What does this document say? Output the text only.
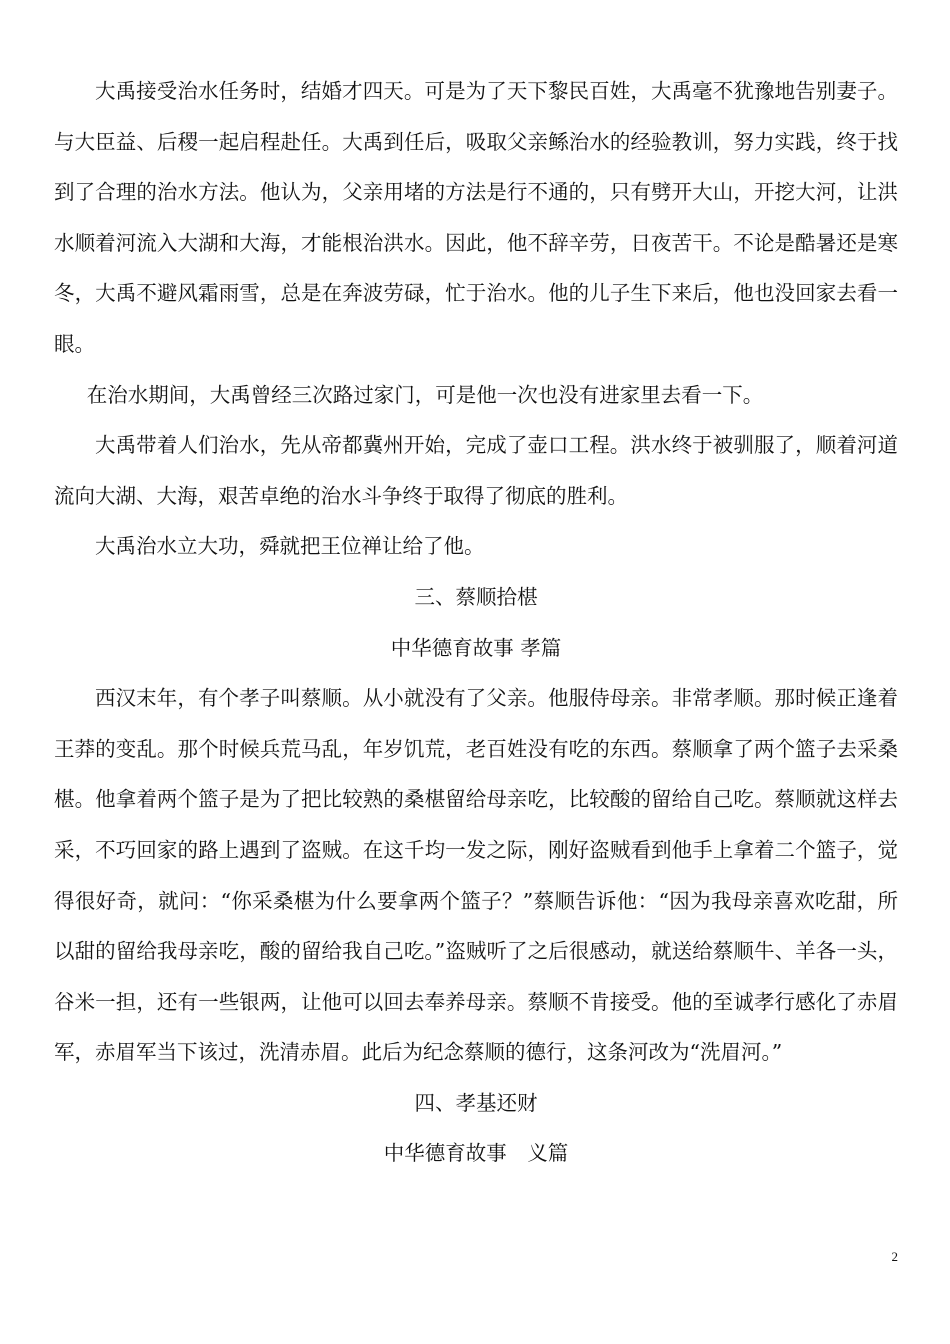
大禹接受治水任务时，结婚才四天。可是为了天下黎民百姓，大禹毫不犹豫地告别妻子。与大臣益、后稷一起启程赴任。大禹到任后，吸取父亲鲧治水的经验教训，努力实践，终于找到了合理的治水方法。他认为，父亲用堵的方法是行不通的，只有劈开大山，开挖大河，让洪水顺着河流入大湖和大海，才能根治洪水。因此，他不辞辛劳，日夜苦干。不论是酷暑还是寒冬，大禹不避风霜雨雪，总是在奔波劳碌，忙于治水。他的儿子生下来后，他也没回家去看一眼。

在治水期间，大禹曾经三次路过家门，可是他一次也没有进家里去看一下。

大禹带着人们治水，先从帝都冀州开始，完成了壶口工程。洪水终于被驯服了，顺着河道流向大湖、大海，艰苦卓绝的治水斗争终于取得了彻底的胜利。

大禹治水立大功，舜就把王位禅让给了他。

三、蔡顺拾椹

中华德育故事 孝篇

西汉末年，有个孝子叫蔡顺。从小就没有了父亲。他服侍母亲。非常孝顺。那时候正逢着王莽的变乱。那个时候兵荒马乱，年岁饥荒，老百姓没有吃的东西。蔡顺拿了两个篮子去采桑椹。他拿着两个篮子是为了把比较熟的桑椹留给母亲吃，比较酸的留给自己吃。蔡顺就这样去采，不巧回家的路上遇到了盗贼。在这千均一发之际，刚好盗贼看到他手上拿着二个篮子，觉得很好奇，就问：“你采桑椹为什么要拿两个篮子？”蔡顺告诉他：“因为我母亲喜欢吃甜，所以甜的留给我母亲吃，酸的留给我自己吃。”盗贼听了之后很感动，就送给蔡顺牛、羊各一头，谷米一担，还有一些银两，让他可以回去奉养母亲。蔡顺不肯接受。他的至诚孝行感化了赤眉军，赤眉军当下该过，洗清赤眉。此后为纪念蔡顺的德行，这条河改为“洗眉河。”

四、孝基还财

中华德育故事　义篇

2
